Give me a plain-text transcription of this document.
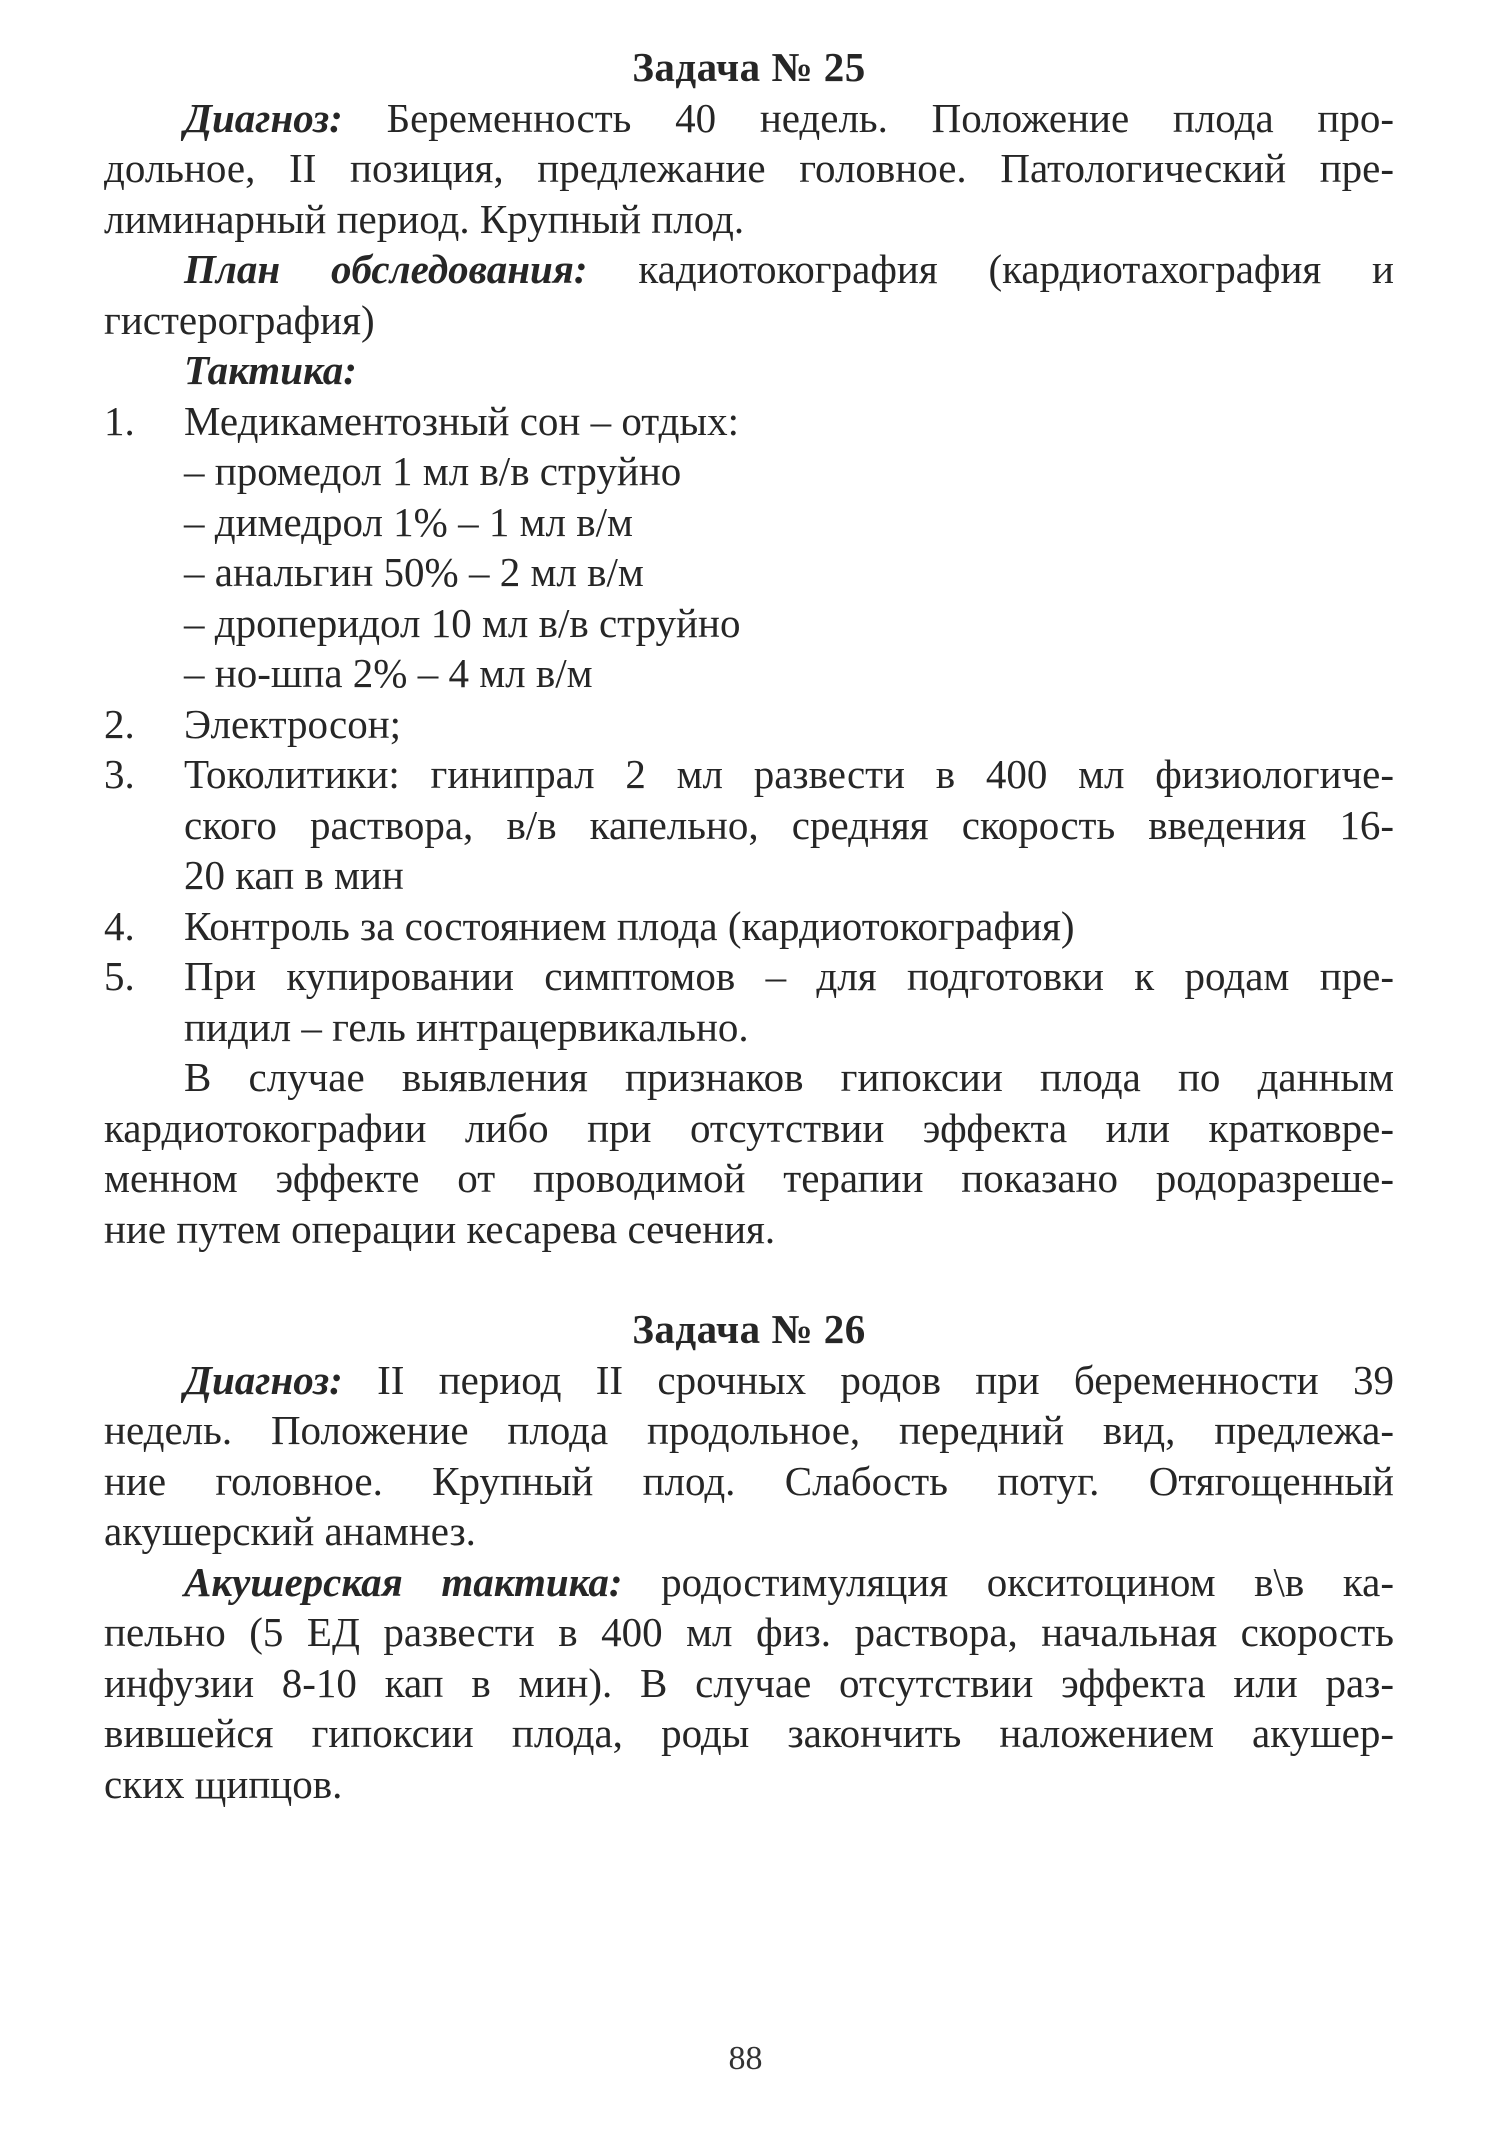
Задача № 25
Диагноз: Беременность 40 недель. Положение плода про-
дольное, II позиция, предлежание головное. Патологический пре-
лиминарный период. Крупный плод.
План обследования: кадиотокография (кардиотахография и
гистерография)
Тактика:
1. Медикаментозный сон – отдых:
– промедол 1 мл в/в струйно
– димедрол 1% – 1 мл в/м
– анальгин 50% – 2 мл в/м
– дроперидол 10 мл в/в струйно
– но-шпа 2% – 4 мл в/м
2. Электросон;
3. Токолитики: гинипрал 2 мл развести в 400 мл физиологиче-
ского раствора, в/в капельно, средняя скорость введения 16-
20 кап в мин
4. Контроль за состоянием плода (кардиотокография)
5. При купировании симптомов – для подготовки к родам пре-
пидил – гель интрацервикально.
В случае выявления признаков гипоксии плода по данным
кардиотокографии либо при отсутствии эффекта или кратковре-
менном эффекте от проводимой терапии показано родоразреше-
ние путем операции кесарева сечения.
Задача № 26
Диагноз: II период II срочных родов при беременности 39
недель. Положение плода продольное, передний вид, предлежа-
ние головное. Крупный плод. Слабость потуг. Отягощенный
акушерский анамнез.
Акушерская тактика: родостимуляция окситоцином в\в ка-
пельно (5 ЕД развести в 400 мл физ. раствора, начальная скорость
инфузии 8-10 кап в мин). В случае отсутствии эффекта или раз-
вившейся гипоксии плода, роды закончить наложением акушер-
ских щипцов.
88
